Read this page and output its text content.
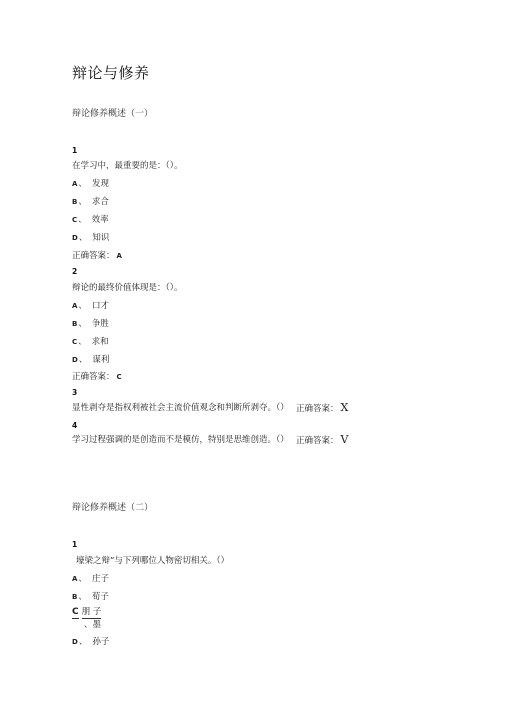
辩论与修养
辩论修养概述（一）
1
在学习中，最重要的是：（）。
A、 发现
B、 求合
C、 效率
D、 知识
正确答案： A
2
辩论的最终价值体现是：（）。
A、 口才
B、 争胜
C、 求和
D、 谋利
正确答案： C
3
显性剥夺是指权利被社会主流价值观念和判断所剥夺。（） 正确答案： X
4
学习过程强调的是创造而不是模仿，特别是思维创造。（） 正确答案： V
辩论修养概述（二）
1
壕梁之辩”与下列哪位人物密切相关。（）
A、 庄子
B、 荀子
C 朋 子
、墨
D、 孙子
